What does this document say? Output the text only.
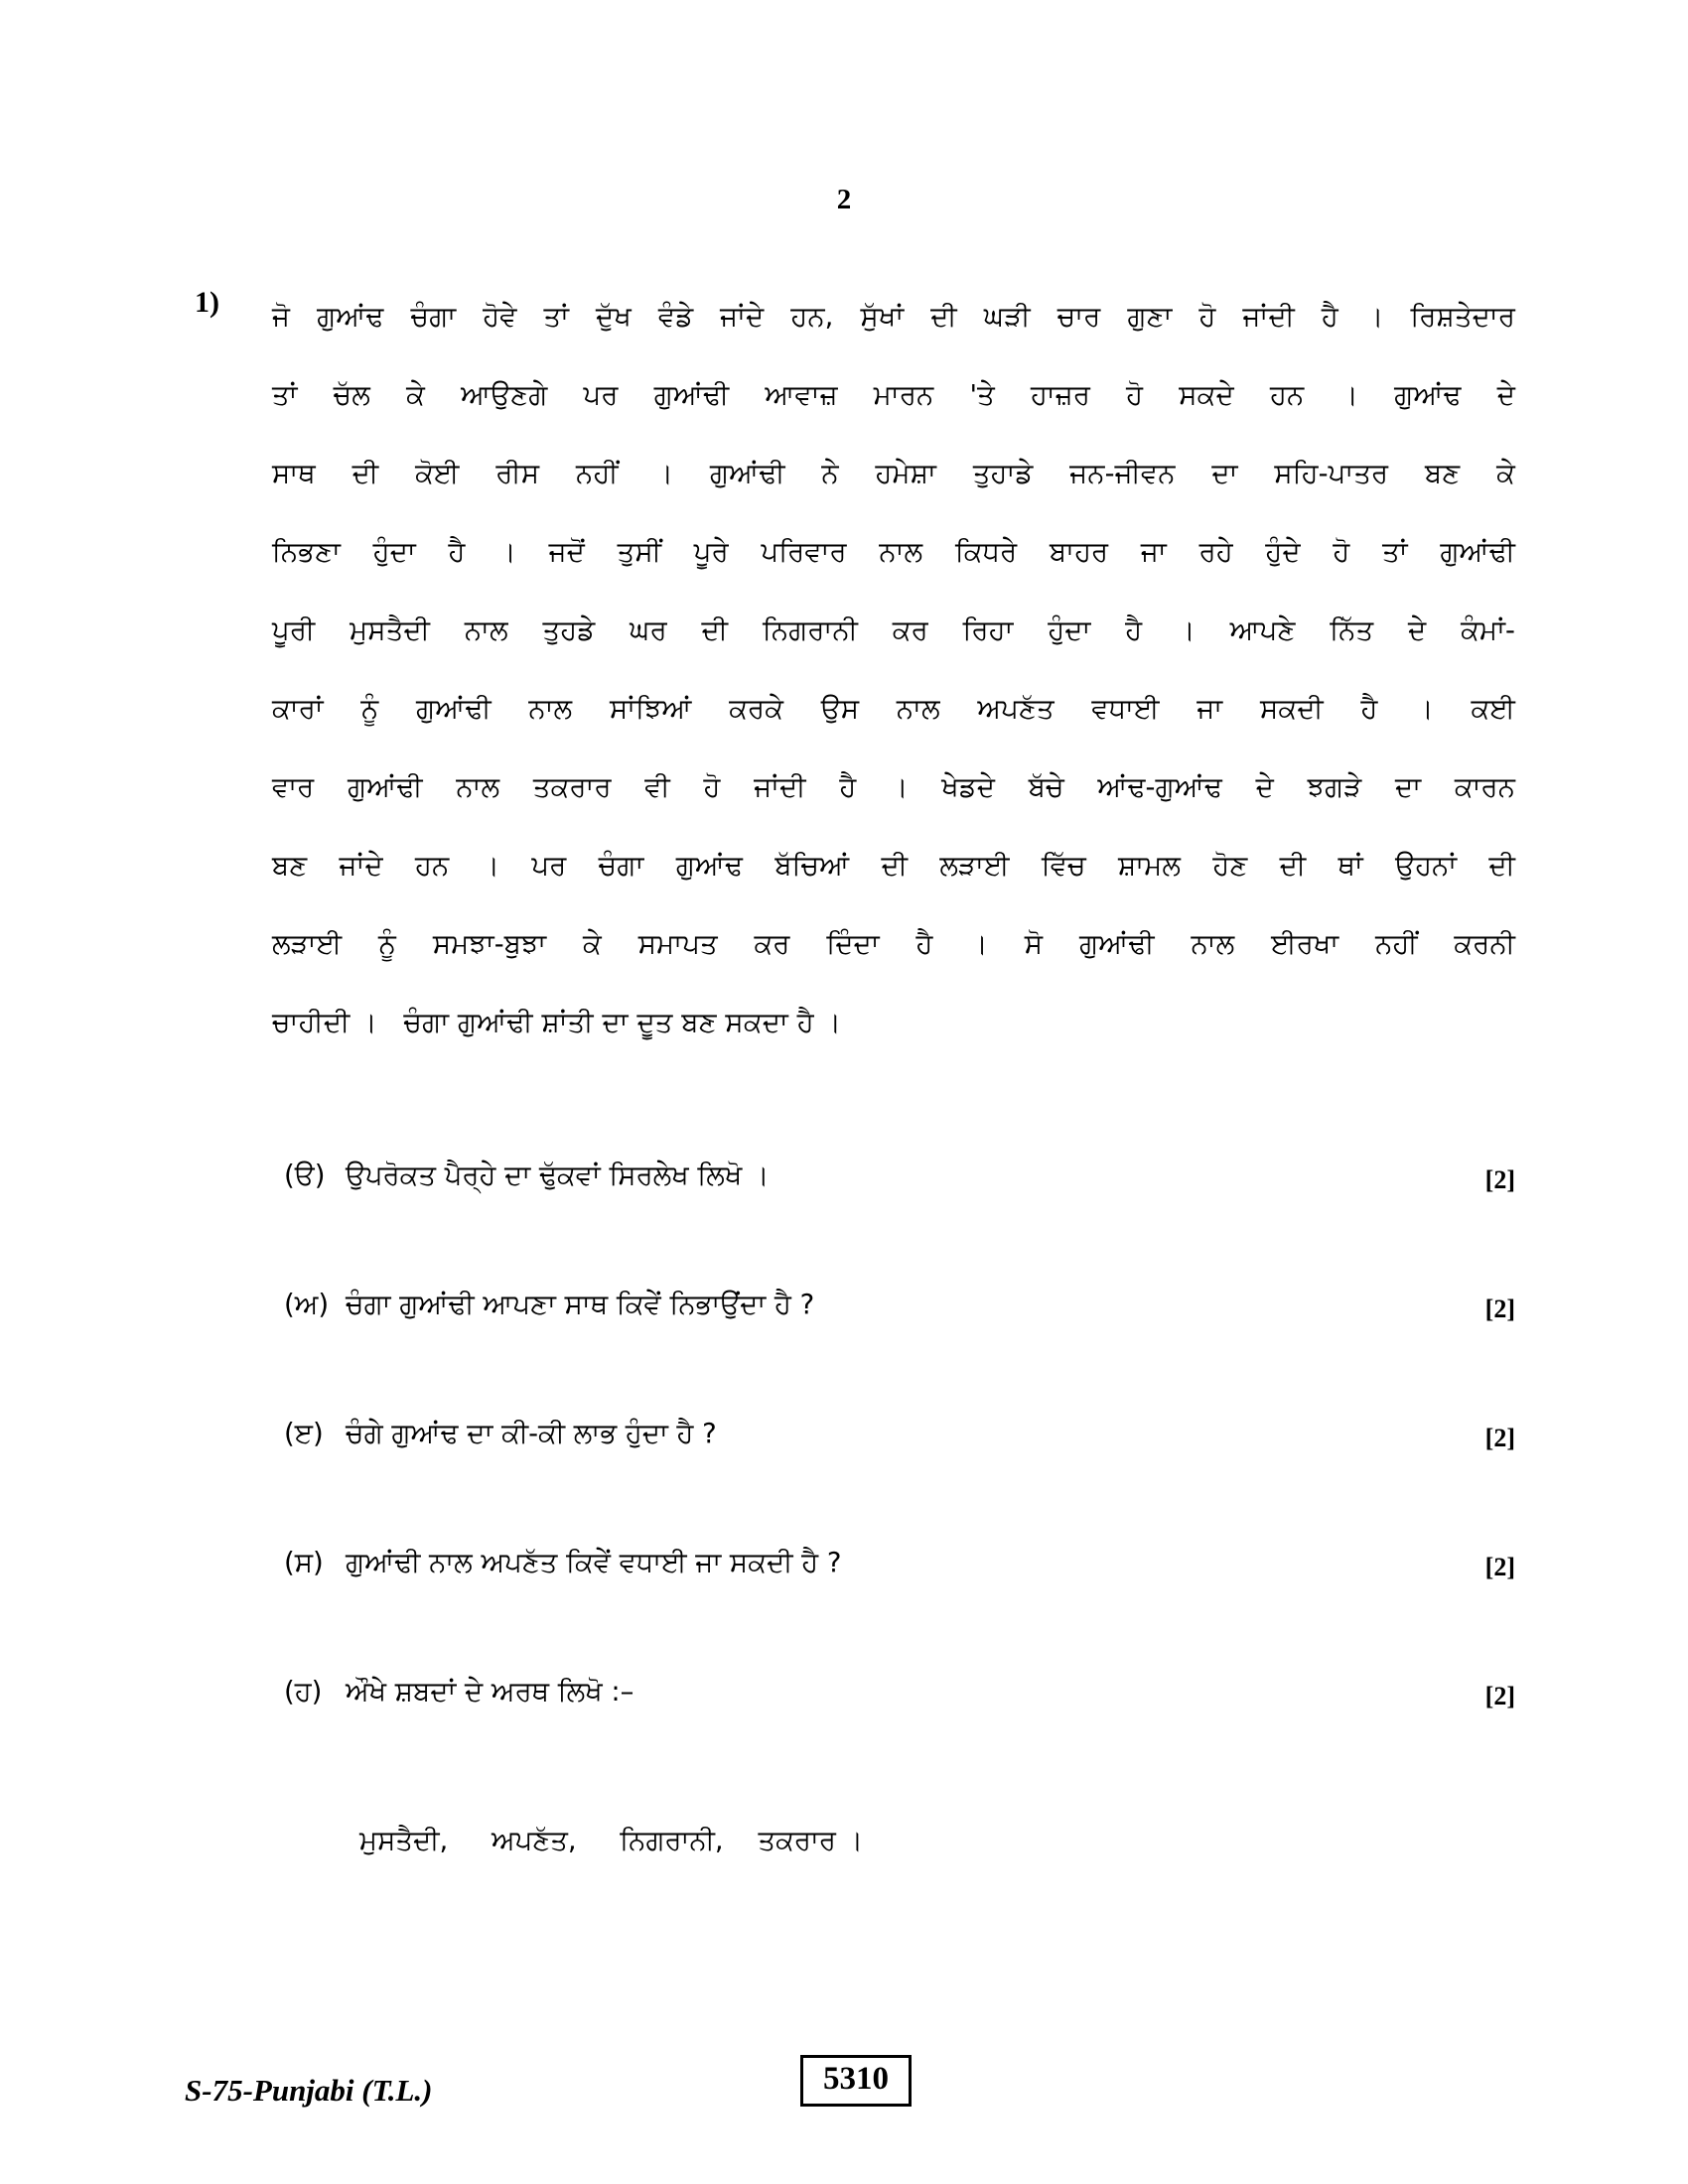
2
1)	ਜੋ ਗੁਆਂਢ ਚੰਗਾ ਹੋਵੇ ਤਾਂ ਦੁੱਖ ਵੰਡੇ ਜਾਂਦੇ ਹਨ, ਸੁੱਖਾਂ ਦੀ ਘੜੀ ਚਾਰ ਗੁਣਾ ਹੋ ਜਾਂਦੀ ਹੈ । ਰਿਸ਼ਤੇਦਾਰ
ਤਾਂ ਚੱਲ ਕੇ ਆਉਣਗੇ ਪਰ ਗੁਆਂਢੀ ਆਵਾਜ਼ ਮਾਰਨ 'ਤੇ ਹਾਜ਼ਰ ਹੋ ਸਕਦੇ ਹਨ । ਗੁਆਂਢ ਦੇ
ਸਾਥ ਦੀ ਕੋਈ ਰੀਸ ਨਹੀਂ । ਗੁਆਂਢੀ ਨੇ ਹਮੇਸ਼ਾ ਤੁਹਾਡੇ ਜਨ-ਜੀਵਨ ਦਾ ਸਹਿ-ਪਾਤਰ ਬਣ ਕੇ
ਨਿਭਣਾ ਹੁੰਦਾ ਹੈ । ਜਦੋਂ ਤੁਸੀਂ ਪੂਰੇ ਪਰਿਵਾਰ ਨਾਲ ਕਿਧਰੇ ਬਾਹਰ ਜਾ ਰਹੇ ਹੁੰਦੇ ਹੋ ਤਾਂ ਗੁਆਂਢੀ
ਪੂਰੀ ਮੁਸਤੈਦੀ ਨਾਲ ਤੁਹਡੇ ਘਰ ਦੀ ਨਿਗਰਾਨੀ ਕਰ ਰਿਹਾ ਹੁੰਦਾ ਹੈ । ਆਪਣੇ ਨਿੱਤ ਦੇ ਕੰਮਾਂ-
ਕਾਰਾਂ ਨੂੰ ਗੁਆਂਢੀ ਨਾਲ ਸਾਂਝਿਆਂ ਕਰਕੇ ਉਸ ਨਾਲ ਅਪਣੱਤ ਵਧਾਈ ਜਾ ਸਕਦੀ ਹੈ । ਕਈ
ਵਾਰ ਗੁਆਂਢੀ ਨਾਲ ਤਕਰਾਰ ਵੀ ਹੋ ਜਾਂਦੀ ਹੈ । ਖੇਡਦੇ ਬੱਚੇ ਆਂਢ-ਗੁਆਂਢ ਦੇ ਝਗੜੇ ਦਾ ਕਾਰਨ
ਬਣ ਜਾਂਦੇ ਹਨ । ਪਰ ਚੰਗਾ ਗੁਆਂਢ ਬੱਚਿਆਂ ਦੀ ਲੜਾਈ ਵਿੱਚ ਸ਼ਾਮਲ ਹੋਣ ਦੀ ਥਾਂ ਉਹਨਾਂ ਦੀ
ਲੜਾਈ ਨੂੰ ਸਮਝਾ-ਬੁਝਾ ਕੇ ਸਮਾਪਤ ਕਰ ਦਿੰਦਾ ਹੈ । ਸੋ ਗੁਆਂਢੀ ਨਾਲ ਈਰਖਾ ਨਹੀਂ ਕਰਨੀ
ਚਾਹੀਦੀ ।   ਚੰਗਾ ਗੁਆਂਢੀ ਸ਼ਾਂਤੀ ਦਾ ਦੂਤ ਬਣ ਸਕਦਾ ਹੈ ।
(ੳ) ਉਪਰੋਕਤ ਪੈਰ੍ਹੇ ਦਾ ਢੁੱਕਵਾਂ ਸਿਰਲੇਖ ਲਿਖੋ ।	[2]
(ਅ) ਚੰਗਾ ਗੁਆਂਢੀ ਆਪਣਾ ਸਾਥ ਕਿਵੇਂ ਨਿਭਾਉਂਦਾ ਹੈ ?	[2]
(ੲ) ਚੰਗੇ ਗੁਆਂਢ ਦਾ ਕੀ-ਕੀ ਲਾਭ ਹੁੰਦਾ ਹੈ ?	[2]
(ਸ) ਗੁਆਂਢੀ ਨਾਲ ਅਪਣੱਤ ਕਿਵੇਂ ਵਧਾਈ ਜਾ ਸਕਦੀ ਹੈ ?	[2]
(ਹ) ਔਖੇ ਸ਼ਬਦਾਂ ਦੇ ਅਰਥ ਲਿਖੋ :–	[2]
ਮੁਸਤੈਦੀ,     ਅਪਣੱਤ,     ਨਿਗਰਾਨੀ,    ਤਕਰਾਰ ।
S-75-Punjabi (T.L.)	5310
